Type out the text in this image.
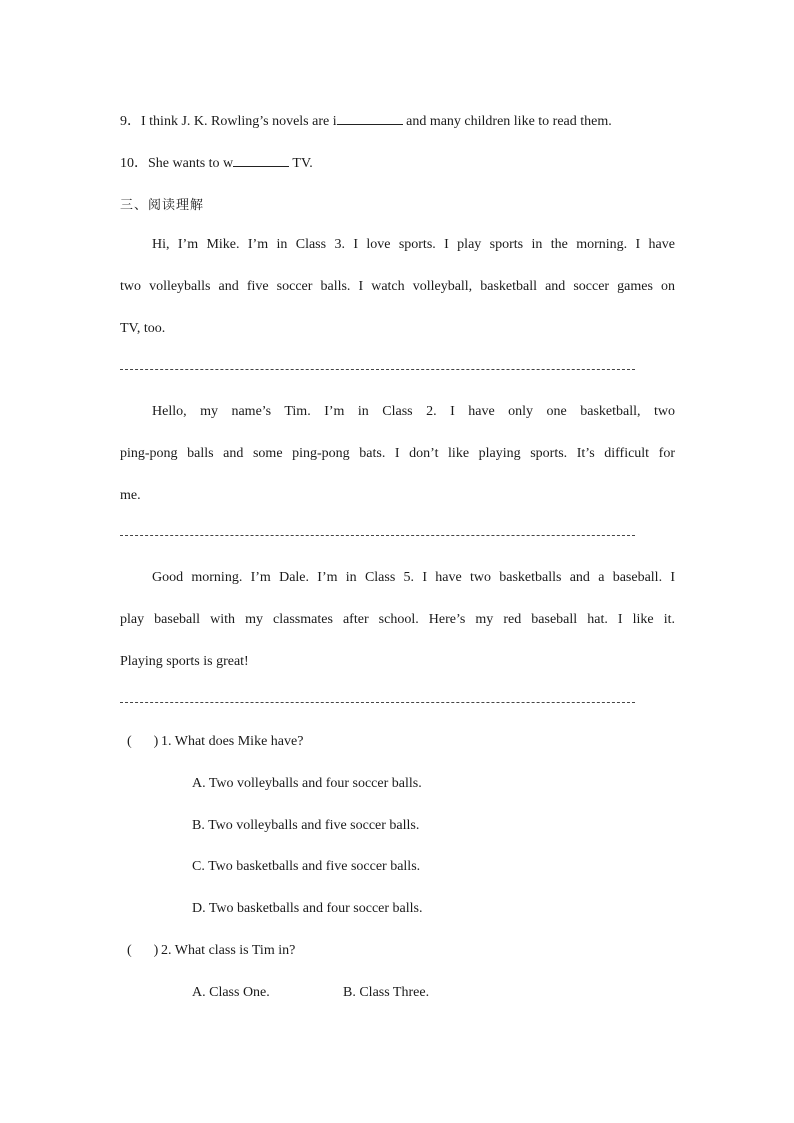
9．I think J. K. Rowling’s novels are i	and many children like to read them.
10．She wants to w	TV.
三、阅读理解
Hi, I’m Mike. I’m in Class 3. I love sports. I play sports in the morning. I have
two volleyballs and five soccer balls. I watch volleyball, basketball and soccer games on
TV, too.
Hello, my name’s Tim. I’m in Class 2. I have only one basketball, two
ping-pong balls and some ping-pong bats. I don’t like playing sports. It’s difficult for
me.
Good morning. I’m Dale. I’m in Class 5. I have two basketballs and a baseball. I
play baseball with my classmates after school. Here’s my red baseball hat. I like it.
Playing sports is great!
( ) 1. What does Mike have?
A. Two volleyballs and four soccer balls.
B. Two volleyballs and five soccer balls.
C. Two basketballs and five soccer balls.
D. Two basketballs and four soccer balls.
( ) 2. What class is Tim in?
A. Class One.	B. Class Three.
